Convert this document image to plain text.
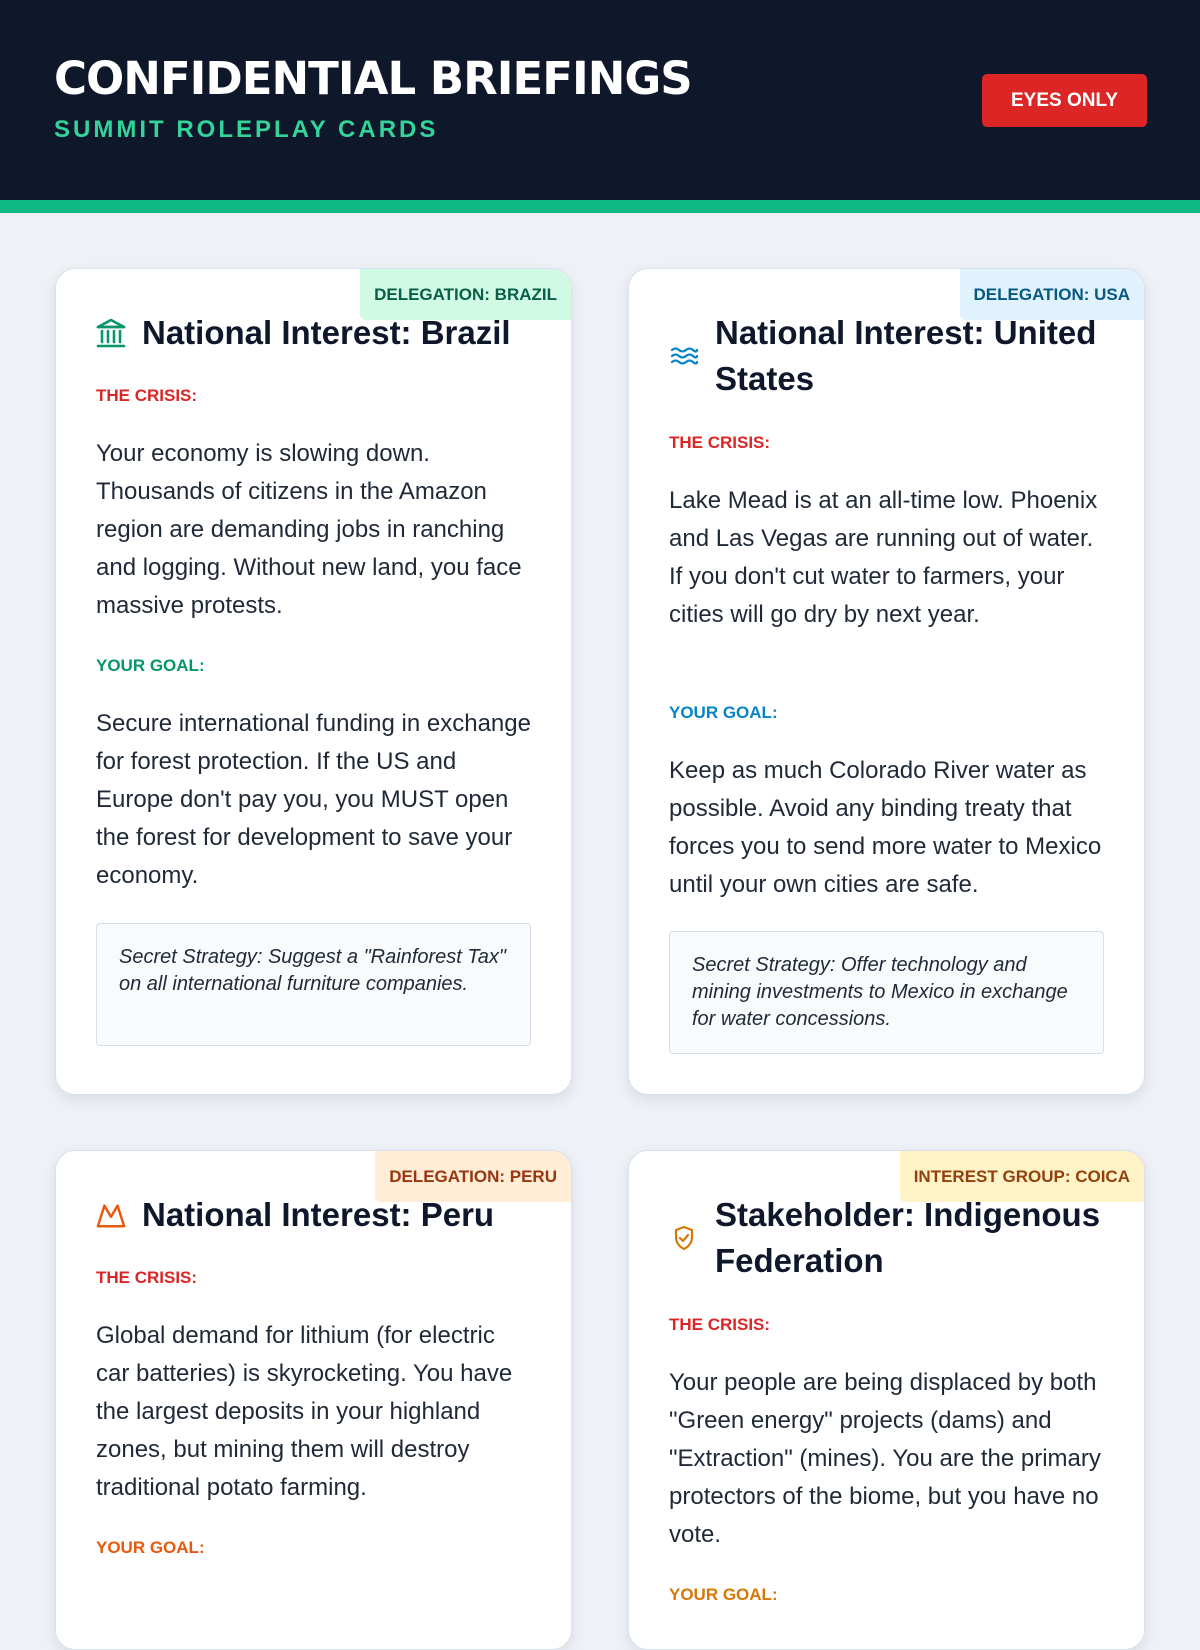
CONFIDENTIAL BRIEFINGS
SUMMIT ROLEPLAY CARDS
EYES ONLY
DELEGATION: BRAZIL
National Interest: Brazil
THE CRISIS:
Your economy is slowing down. Thousands of citizens in the Amazon region are demanding jobs in ranching and logging. Without new land, you face massive protests.
YOUR GOAL:
Secure international funding in exchange for forest protection. If the US and Europe don't pay you, you MUST open the forest for development to save your economy.
Secret Strategy: Suggest a "Rainforest Tax" on all international furniture companies.
DELEGATION: USA
National Interest: United States
THE CRISIS:
Lake Mead is at an all-time low. Phoenix and Las Vegas are running out of water. If you don't cut water to farmers, your cities will go dry by next year.
YOUR GOAL:
Keep as much Colorado River water as possible. Avoid any binding treaty that forces you to send more water to Mexico until your own cities are safe.
Secret Strategy: Offer technology and mining investments to Mexico in exchange for water concessions.
DELEGATION: PERU
National Interest: Peru
THE CRISIS:
Global demand for lithium (for electric car batteries) is skyrocketing. You have the largest deposits in your highland zones, but mining them will destroy traditional potato farming.
YOUR GOAL:
INTEREST GROUP: COICA
Stakeholder: Indigenous Federation
THE CRISIS:
Your people are being displaced by both "Green energy" projects (dams) and "Extraction" (mines). You are the primary protectors of the biome, but you have no vote.
YOUR GOAL:
